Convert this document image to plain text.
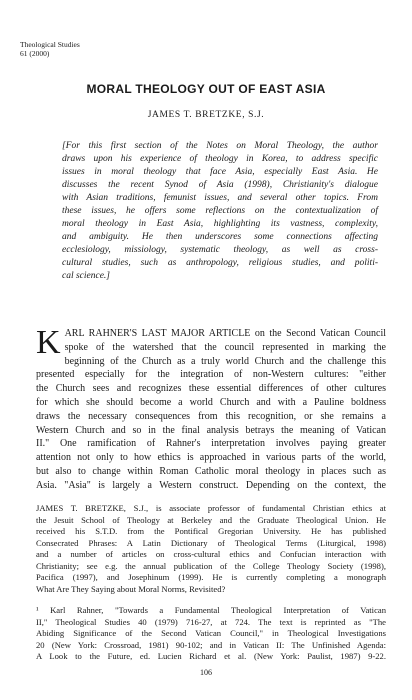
Theological Studies
61 (2000)
MORAL THEOLOGY OUT OF EAST ASIA
JAMES T. BRETZKE, S.J.
[For this first section of the Notes on Moral Theology, the author
draws upon his experience of theology in Korea, to address specific
issues in moral theology that face Asia, especially East Asia. He
discusses the recent Synod of Asia (1998), Christianity's dialogue
with Asian traditions, femunist issues, and several other topics. From
these issues, he offers some reflections on the contextualization of
moral theology in East Asia, highlighting its vastness, complexity,
and ambiguity. He then underscores some connections affecting
ecclesiology, missiology, systematic theology, as well as cross-
cultural studies, such as anthropology, religious studies, and politi-
cal science.]
K ARL RAHNER'S LAST MAJOR ARTICLE on the Second Vatican Council
spoke of the watershed that the council represented in marking the
beginning of the Church as a truly world Church and the challenge this
presented especially for the integration of non-Western cultures: "either
the Church sees and recognizes these essential differences of other cultures
for which she should become a world Church and with a Pauline boldness
draws the necessary consequences from this recognition, or she remains a
Western Church and so in the final analysis betrays the meaning of Vatican
II." One ramification of Rahner's interpretation involves paying greater
attention not only to how ethics is approached in various parts of the world,
but also to change within Roman Catholic moral theology in places such as
Asia. "Asia" is largely a Western construct. Depending on the context, the
JAMES T. BRETZKE, S.J., is associate professor of fundamental Christian ethics at
the Jesuit School of Theology at Berkeley and the Graduate Theological Union. He
received his S.T.D. from the Pontifical Gregorian University. He has published
Consecrated Phrases: A Latin Dictionary of Theological Terms (Liturgical, 1998)
and a number of articles on cross-cultural ethics and Confucian interaction with
Christianity; see e.g. the annual publication of the College Theology Society (1998),
Pacifica (1997), and Josephinum (1999). He is currently completing a monograph
What Are They Saying about Moral Norms, Revisited?
¹ Karl Rahner, "Towards a Fundamental Theological Interpretation of Vatican
II," Theological Studies 40 (1979) 716-27, at 724. The text is reprinted as "The
Abiding Significance of the Second Vatican Council," in Theological Investigations
20 (New York: Crossroad, 1981) 90-102; and in Vatican II: The Unfinished Agenda:
A Look to the Future, ed. Lucien Richard et al. (New York: Paulist, 1987) 9-22.
106
